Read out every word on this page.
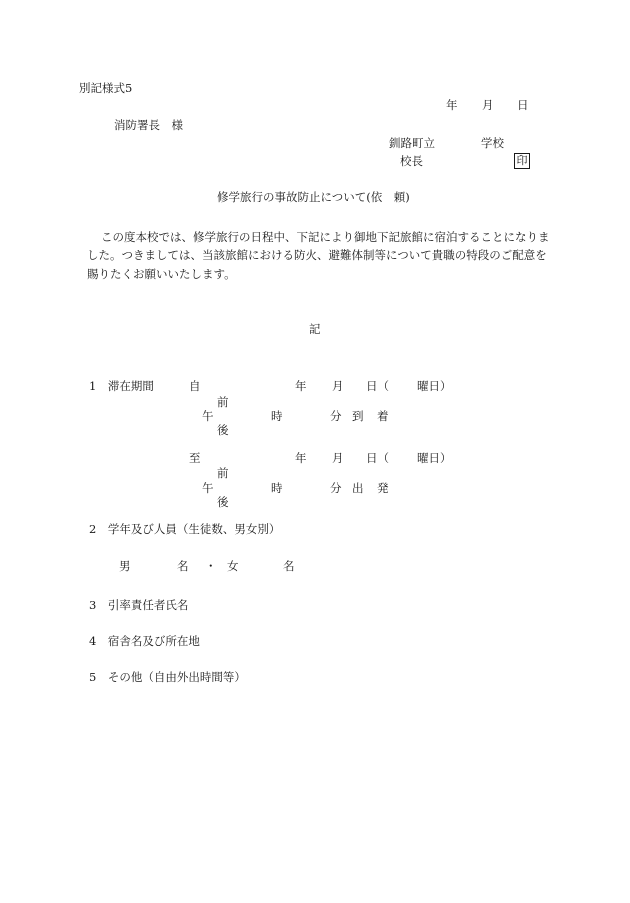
別記様式5
年 月 日
消防署長　様
釧路町立	学校
校長	印
修学旅行の事故防止について(依　頼)
この度本校では、修学旅行の日程中、下記により御地下記旅館に宿泊することになりま
した。つきましては、当該旅館における防火、避難体制等について貴職の特段のご配意を
賜りたくお願いいたします。
記
1　滞在期間	自	年 月 日（ 曜日）
前
午	時	分 到 着
後
至	年 月 日（ 曜日）
前
午	時	分 出 発
後
2　学年及び人員（生徒数、男女別）
男	名 ・ 女	名
3　引率責任者氏名
4　宿舎名及び所在地
5　その他（自由外出時間等）
